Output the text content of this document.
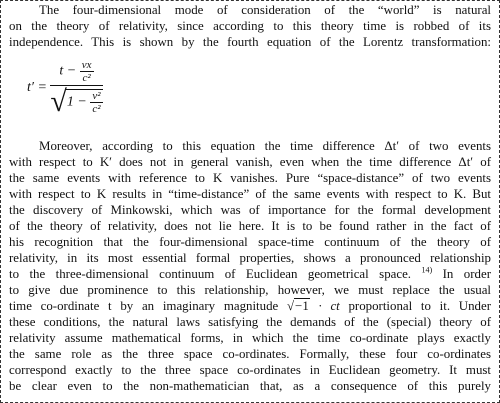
The four-dimensional mode of consideration of the “world” is natural
on the theory of relativity, since according to this theory time is robbed of its
independence. This is shown by the fourth equation of the Lorentz transformation:
t′ =
$t - \frac{vx}{\text{c²}}$
$√1 - \frac{\text{v²}}{\text{c²}}$
Moreover, according to this equation the time difference Δt′ of two events
with respect to K′ does not in general vanish, even when the time difference Δt′ of
the same events with reference to K vanishes. Pure “space-distance” of two events
with respect to K results in “time-distance” of the same events with respect to K. But
the discovery of Minkowski, which was of importance for the formal development
of the theory of relativity, does not lie here. It is to be found rather in the fact of
his recognition that the four-dimensional space-time continuum of the theory of
relativity, in its most essential formal properties, shows a pronounced relationship
to the three-dimensional continuum of Euclidean geometrical space. $^{14)}$ In order
to give due prominence to this relationship, however, we must replace the usual
time co-ordinate t by an imaginary magnitude √−1 · ct proportional to it. Under
these conditions, the natural laws satisfying the demands of the (special) theory of
relativity assume mathematical forms, in which the time co-ordinate plays exactly
the same role as the three space co-ordinates. Formally, these four co-ordinates
correspond exactly to the three space co-ordinates in Euclidean geometry. It must
be clear even to the non-mathematician that, as a consequence of this purely
